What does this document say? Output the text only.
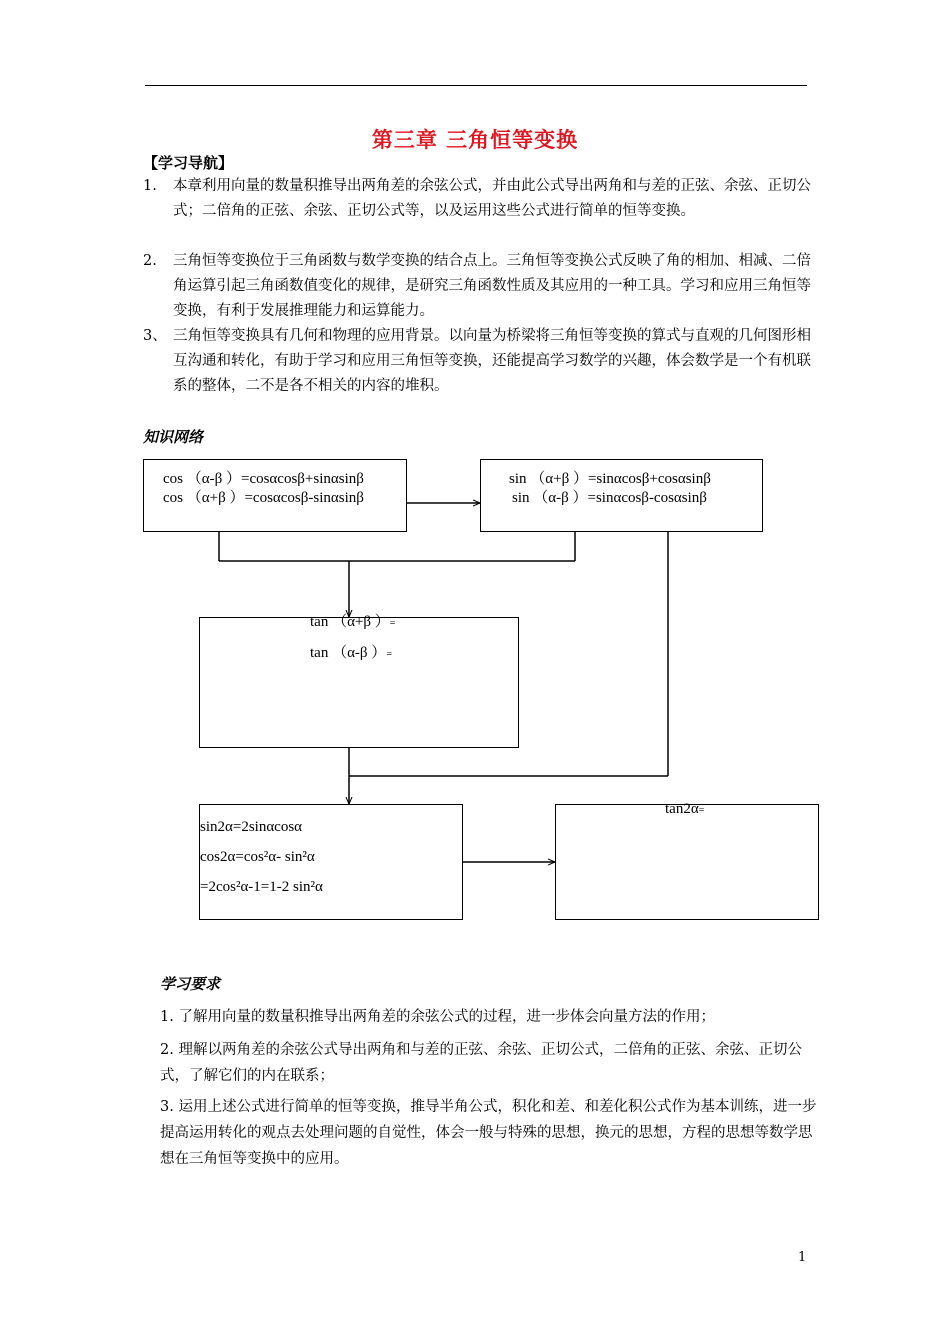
第三章 三角恒等变换
【学习导航】
1.	本章利用向量的数量积推导出两角差的余弦公式，并由此公式导出两角和与差的正弦、余弦、正切公式；二倍角的正弦、余弦、正切公式等，以及运用这些公式进行简单的恒等变换。
2.	三角恒等变换位于三角函数与数学变换的结合点上。三角恒等变换公式反映了角的相加、相减、二倍角运算引起三角函数值变化的规律，是研究三角函数性质及其应用的一种工具。学习和应用三角恒等变换，有利于发展推理能力和运算能力。
3、 三角恒等变换具有几何和物理的应用背景。以向量为桥梁将三角恒等变换的算式与直观的几何图形相互沟通和转化，有助于学习和应用三角恒等变换，还能提高学习数学的兴趣，体会数学是一个有机联系的整体，二不是各不相关的内容的堆积。
知识网络
cos （α-β ）=cosαcosβ+sinαsinβ
cos （α+β ）=cosαcosβ-sinαsinβ
sin （α+β ）=sinαcosβ+cosαsinβ
sin （α-β ）=sinαcosβ-cosαsinβ
tan （α+β ）=
tan （α-β ）=
sin2α=2sinαcosα
cos2α=cos²α- sin²α
=2cos²α-1=1-2 sin²α
tan2α=
学习要求
1. 了解用向量的数量积推导出两角差的余弦公式的过程，进一步体会向量方法的作用；
2. 理解以两角差的余弦公式导出两角和与差的正弦、余弦、正切公式，二倍角的正弦、余弦、正切公式，了解它们的内在联系；
3. 运用上述公式进行简单的恒等变换，推导半角公式，积化和差、和差化积公式作为基本训练，进一步提高运用转化的观点去处理问题的自觉性，体会一般与特殊的思想，换元的思想，方程的思想等数学思想在三角恒等变换中的应用。
1
